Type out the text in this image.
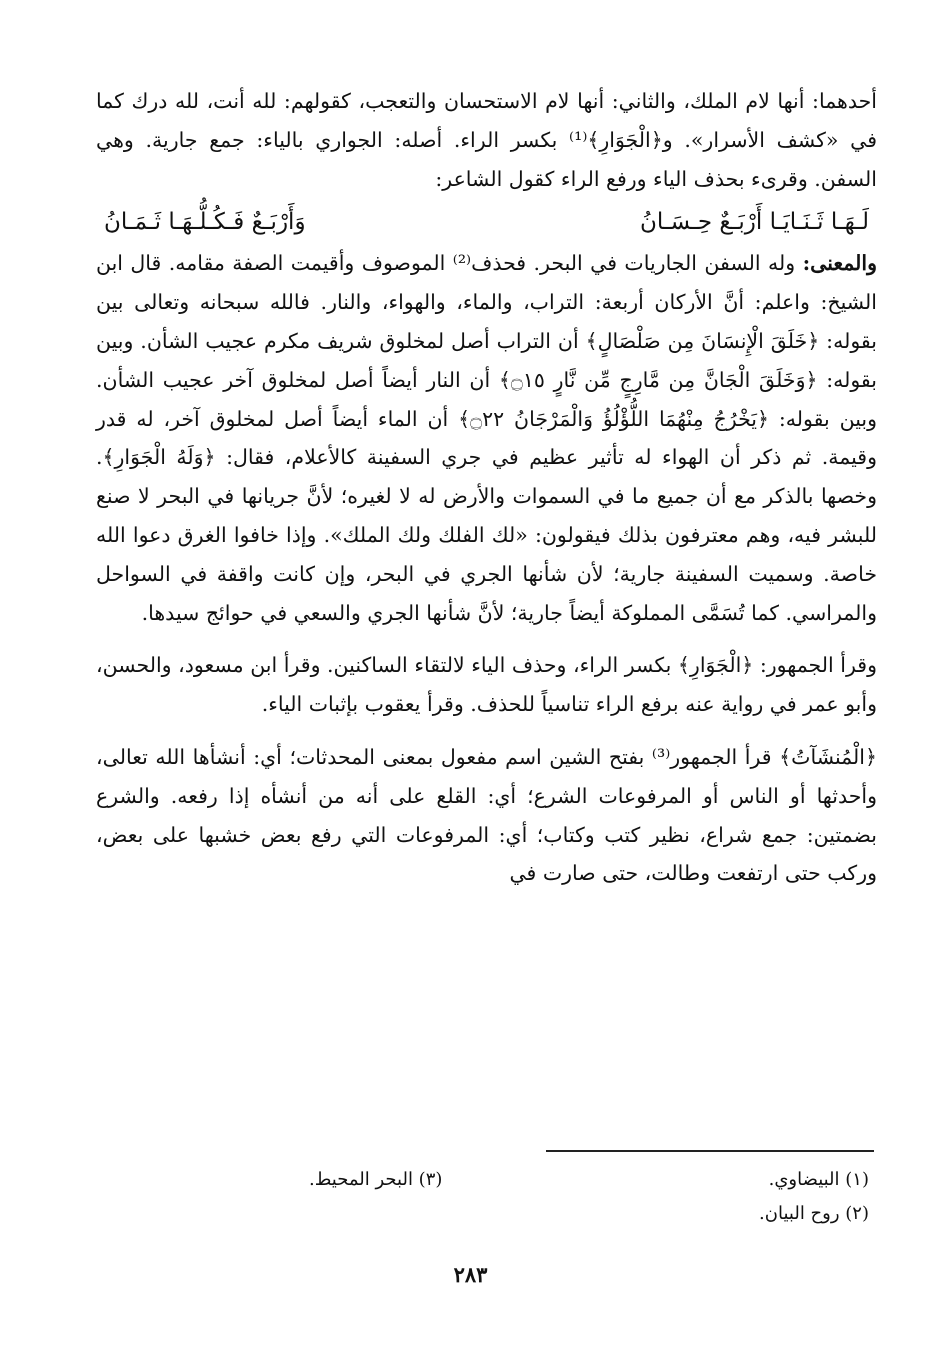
أحدهما: أنها لام الملك، والثاني: أنها لام الاستحسان والتعجب، كقولهم: لله أنت، لله درك كما في «كشف الأسرار». و﴿الْجَوَارِ﴾⁽¹⁾ بكسر الراء. أصله: الجواري بالياء: جمع جارية. وهي السفن. وقرىء بحذف الياء ورفع الراء كقول الشاعر:

لَـهَـا ثَـنَـايَـا أَرْبَـعٌ حِـسَـانُ
وَأَرْبَـعٌ فَـكُـلُّـهَـا ثَـمَـانُ

والمعنى: وله السفن الجاريات في البحر. فحذف⁽²⁾ الموصوف وأقيمت الصفة مقامه. قال ابن الشيخ: واعلم: أنَّ الأركان أربعة: التراب، والماء، والهواء، والنار. فالله سبحانه وتعالى بين بقوله: ﴿خَلَقَ الْإِنسَانَ مِن صَلْصَالٍ﴾ أن التراب أصل لمخلوق شريف مكرم عجيب الشأن. وبين بقوله: ﴿وَخَلَقَ الْجَانَّ مِن مَّارِجٍ مِّن نَّارٍ ۝١٥﴾ أن النار أيضاً أصل لمخلوق آخر عجيب الشأن. وبين بقوله: ﴿يَخْرُجُ مِنْهُمَا اللُّؤْلُؤُ وَالْمَرْجَانُ ۝٢٢﴾ أن الماء أيضاً أصل لمخلوق آخر، له قدر وقيمة. ثم ذكر أن الهواء له تأثير عظيم في جري السفينة كالأعلام، فقال: ﴿وَلَهُ الْجَوَارِ﴾. وخصها بالذكر مع أن جميع ما في السموات والأرض له لا لغيره؛ لأنَّ جريانها في البحر لا صنع للبشر فيه، وهم معترفون بذلك فيقولون: «لك الفلك ولك الملك». وإذا خافوا الغرق دعوا الله خاصة. وسميت السفينة جارية؛ لأن شأنها الجري في البحر، وإن كانت واقفة في السواحل والمراسي. كما تُسَمَّى المملوكة أيضاً جارية؛ لأنَّ شأنها الجري والسعي في حوائج سيدها.

وقرأ الجمهور: ﴿الْجَوَارِ﴾ بكسر الراء، وحذف الياء لالتقاء الساكنين. وقرأ ابن مسعود، والحسن، وأبو عمر في رواية عنه برفع الراء تناسياً للحذف. وقرأ يعقوب بإثبات الياء.

﴿الْمُنشَآتُ﴾ قرأ الجمهور⁽³⁾ بفتح الشين اسم مفعول بمعنى المحدثات؛ أي: أنشأها الله تعالى، وأحدثها أو الناس أو المرفوعات الشرع؛ أي: القلع على أنه من أنشأه إذا رفعه. والشرع بضمتين: جمع شراع، نظير كتب وكتاب؛ أي: المرفوعات التي رفع بعض خشبها على بعض، وركب حتى ارتفعت وطالت، حتى صارت في

(١) البيضاوي.
(٣) البحر المحيط.
(٢) روح البيان.
٢٨٣
